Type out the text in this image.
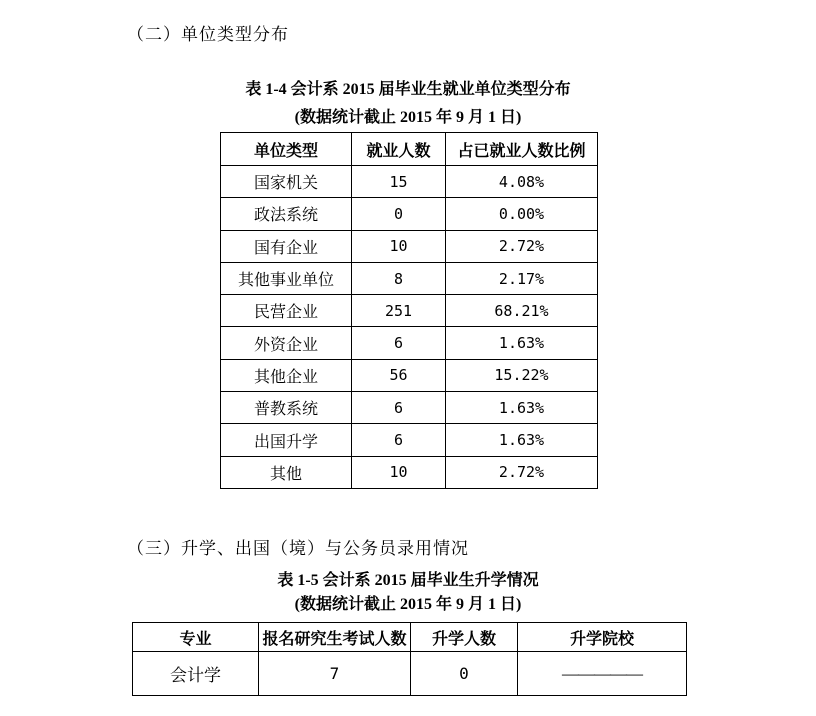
（二）单位类型分布
表 1-4 会计系 2015 届毕业生就业单位类型分布
(数据统计截止 2015 年 9 月 1 日)
单位类型	就业人数	占已就业人数比例
国家机关	15	4.08%
政法系统	0	0.00%
国有企业	10	2.72%
其他事业单位	8	2.17%
民营企业	251	68.21%
外资企业	6	1.63%
其他企业	56	15.22%
普教系统	6	1.63%
出国升学	6	1.63%
其他	10	2.72%
（三）升学、出国（境）与公务员录用情况
表 1-5 会计系 2015 届毕业生升学情况
(数据统计截止 2015 年 9 月 1 日)
专业	报名研究生考试人数	升学人数	升学院校
会计学	7	0	—————
